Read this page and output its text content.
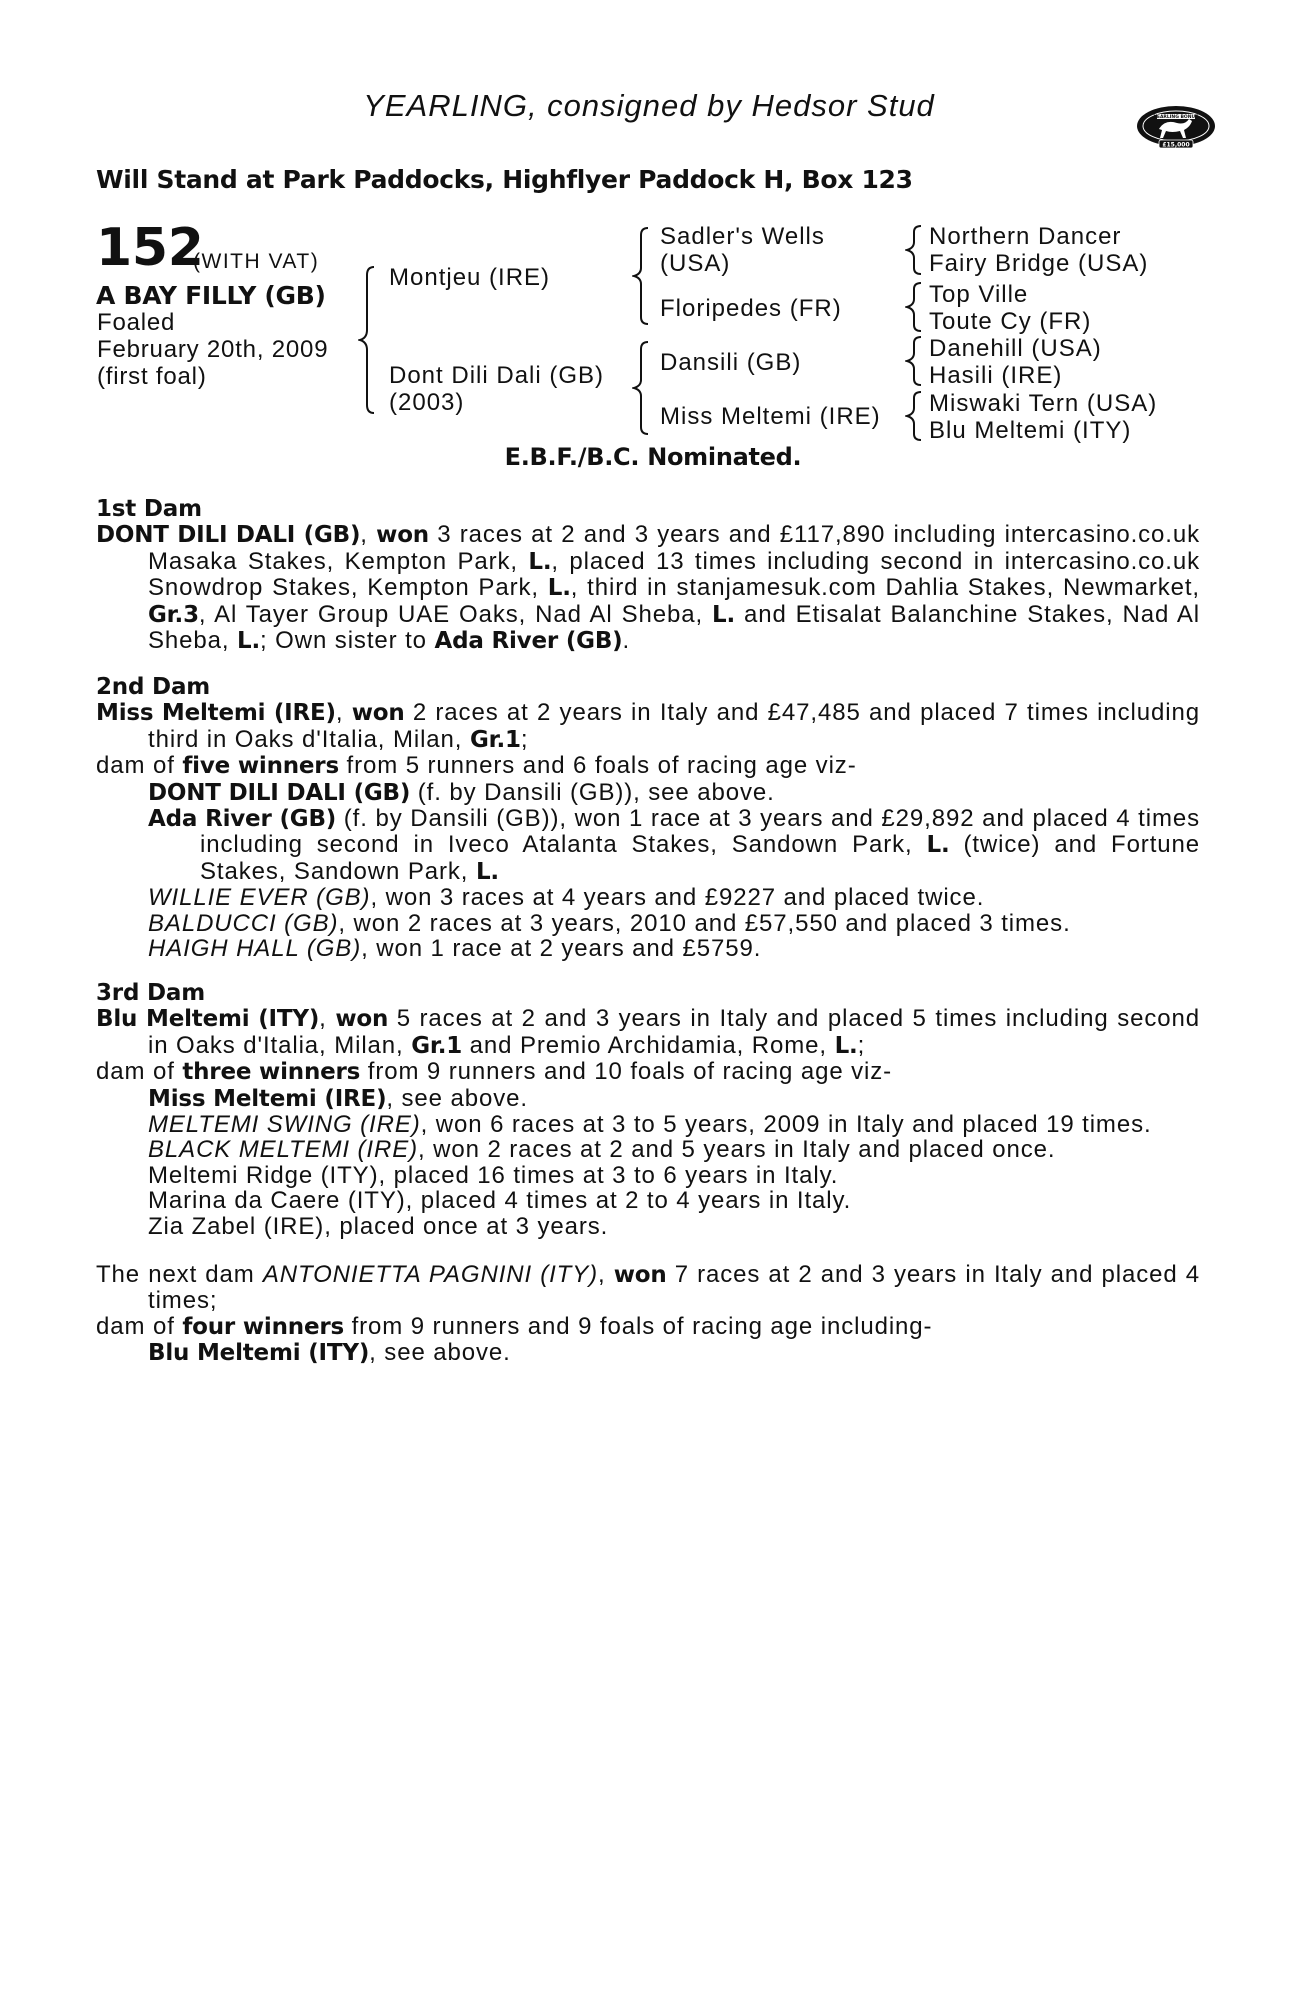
YEARLING, consigned by Hedsor Stud	YEARLING BONUS
£15,000
Will Stand at Park Paddocks, Highflyer Paddock H, Box 123
152
(WITH VAT)
A BAY FILLY (GB)
Foaled
February 20th, 2009
(first foal)
Montjeu (IRE)
Dont Dili Dali (GB)
(2003)
Sadler's Wells
(USA)
Floripedes (FR)
Dansili (GB)
Miss Meltemi (IRE)
Northern Dancer
Fairy Bridge (USA)
Top Ville
Toute Cy (FR)
Danehill (USA)
Hasili (IRE)
Miswaki Tern (USA)
Blu Meltemi (ITY)
E.B.F./B.C. Nominated.
1st Dam
DONT DILI DALI (GB), won 3 races at 2 and 3 years and £117,890 including intercasino.co.uk Masaka Stakes, Kempton Park, L., placed 13 times including second in intercasino.co.uk Snowdrop Stakes, Kempton Park, L., third in stanjamesuk.com Dahlia Stakes, Newmarket, Gr.3, Al Tayer Group UAE Oaks, Nad Al Sheba, L. and Etisalat Balanchine Stakes, Nad Al Sheba, L.; Own sister to Ada River (GB).
2nd Dam
Miss Meltemi (IRE), won 2 races at 2 years in Italy and £47,485 and placed 7 times including third in Oaks d'Italia, Milan, Gr.1;
dam of five winners from 5 runners and 6 foals of racing age viz-
DONT DILI DALI (GB) (f. by Dansili (GB)), see above.
Ada River (GB) (f. by Dansili (GB)), won 1 race at 3 years and £29,892 and placed 4 times including second in Iveco Atalanta Stakes, Sandown Park, L. (twice) and Fortune Stakes, Sandown Park, L.
WILLIE EVER (GB), won 3 races at 4 years and £9227 and placed twice.
BALDUCCI (GB), won 2 races at 3 years, 2010 and £57,550 and placed 3 times.
HAIGH HALL (GB), won 1 race at 2 years and £5759.
3rd Dam
Blu Meltemi (ITY), won 5 races at 2 and 3 years in Italy and placed 5 times including second in Oaks d'Italia, Milan, Gr.1 and Premio Archidamia, Rome, L.;
dam of three winners from 9 runners and 10 foals of racing age viz-
Miss Meltemi (IRE), see above.
MELTEMI SWING (IRE), won 6 races at 3 to 5 years, 2009 in Italy and placed 19 times.
BLACK MELTEMI (IRE), won 2 races at 2 and 5 years in Italy and placed once.
Meltemi Ridge (ITY), placed 16 times at 3 to 6 years in Italy.
Marina da Caere (ITY), placed 4 times at 2 to 4 years in Italy.
Zia Zabel (IRE), placed once at 3 years.
The next dam ANTONIETTA PAGNINI (ITY), won 7 races at 2 and 3 years in Italy and placed 4 times;
dam of four winners from 9 runners and 9 foals of racing age including-
Blu Meltemi (ITY), see above.
